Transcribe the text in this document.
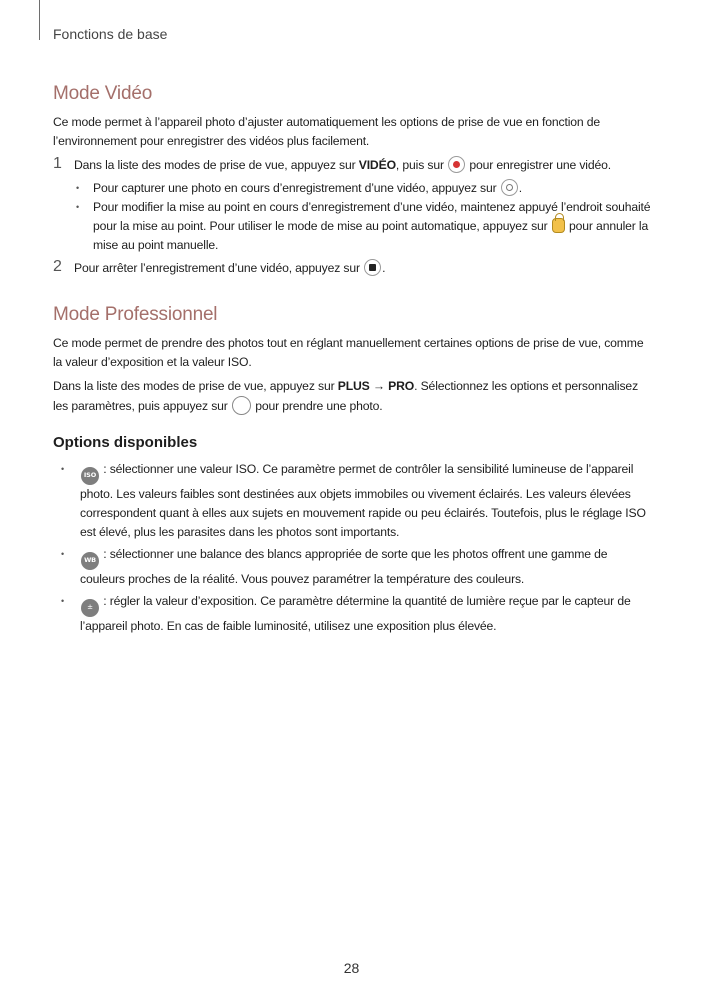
Fonctions de base
Mode Vidéo

Ce mode permet à l’appareil photo d’ajuster automatiquement les options de prise de vue en fonction de l’environnement pour enregistrer des vidéos plus facilement.

1 Dans la liste des modes de prise de vue, appuyez sur VIDÉO, puis sur  pour enregistrer une vidéo.
• Pour capturer une photo en cours d’enregistrement d’une vidéo, appuyez sur .
• Pour modifier la mise au point en cours d’enregistrement d’une vidéo, maintenez appuyé l’endroit souhaité pour la mise au point. Pour utiliser le mode de mise au point automatique, appuyez sur  pour annuler la mise au point manuelle.
2 Pour arrêter l’enregistrement d’une vidéo, appuyez sur .
Mode Professionnel

Ce mode permet de prendre des photos tout en réglant manuellement certaines options de prise de vue, comme la valeur d’exposition et la valeur ISO.

Dans la liste des modes de prise de vue, appuyez sur PLUS → PRO. Sélectionnez les options et personnalisez les paramètres, puis appuyez sur  pour prendre une photo.

Options disponibles
• ISO : sélectionner une valeur ISO. Ce paramètre permet de contrôler la sensibilité lumineuse de l’appareil photo. Les valeurs faibles sont destinées aux objets immobiles ou vivement éclairés. Les valeurs élevées correspondent quant à elles aux sujets en mouvement rapide ou peu éclairés. Toutefois, plus le réglage ISO est élevé, plus les parasites dans les photos sont importants.
• WB : sélectionner une balance des blancs appropriée de sorte que les photos offrent une gamme de couleurs proches de la réalité. Vous pouvez paramétrer la température des couleurs.
• ± : régler la valeur d’exposition. Ce paramètre détermine la quantité de lumière reçue par le capteur de l’appareil photo. En cas de faible luminosité, utilisez une exposition plus élevée.
28
